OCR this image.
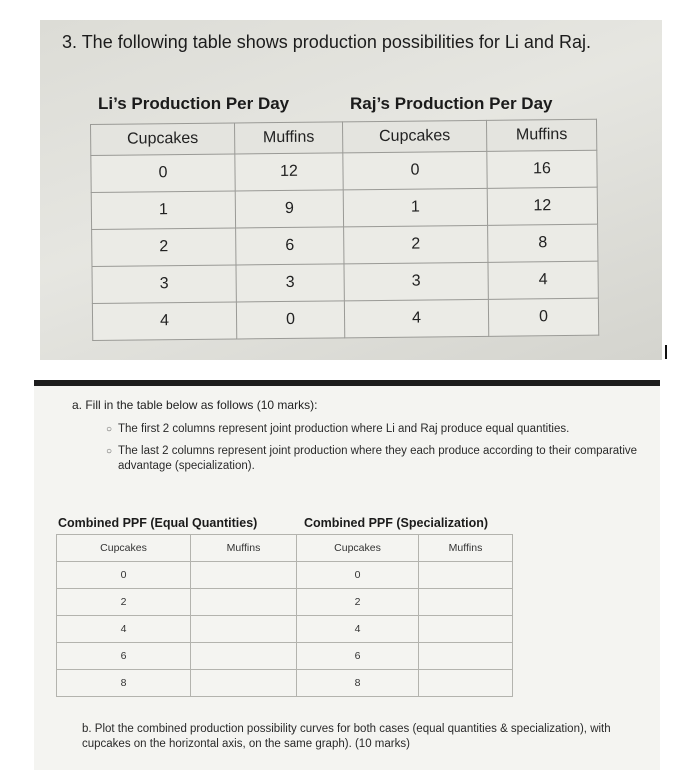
3. The following table shows production possibilities for Li and Raj.
Li’s Production Per Day	Raj’s Production Per Day
Cupcakes	Muffins	Cupcakes	Muffins
0	12	0	16
1	9	1	12
2	6	2	8
3	3	3	4
4	0	4	0
a. Fill in the table below as follows (10 marks):
○ The first 2 columns represent joint production where Li and Raj produce equal quantities.
○ The last 2 columns represent joint production where they each produce according to their comparative advantage (specialization).
Combined PPF (Equal Quantities)	Combined PPF (Specialization)
Cupcakes	Muffins	Cupcakes	Muffins
0		0	
2		2	
4		4	
6		6	
8		8	
b. Plot the combined production possibility curves for both cases (equal quantities & specialization), with cupcakes on the horizontal axis, on the same graph). (10 marks)
